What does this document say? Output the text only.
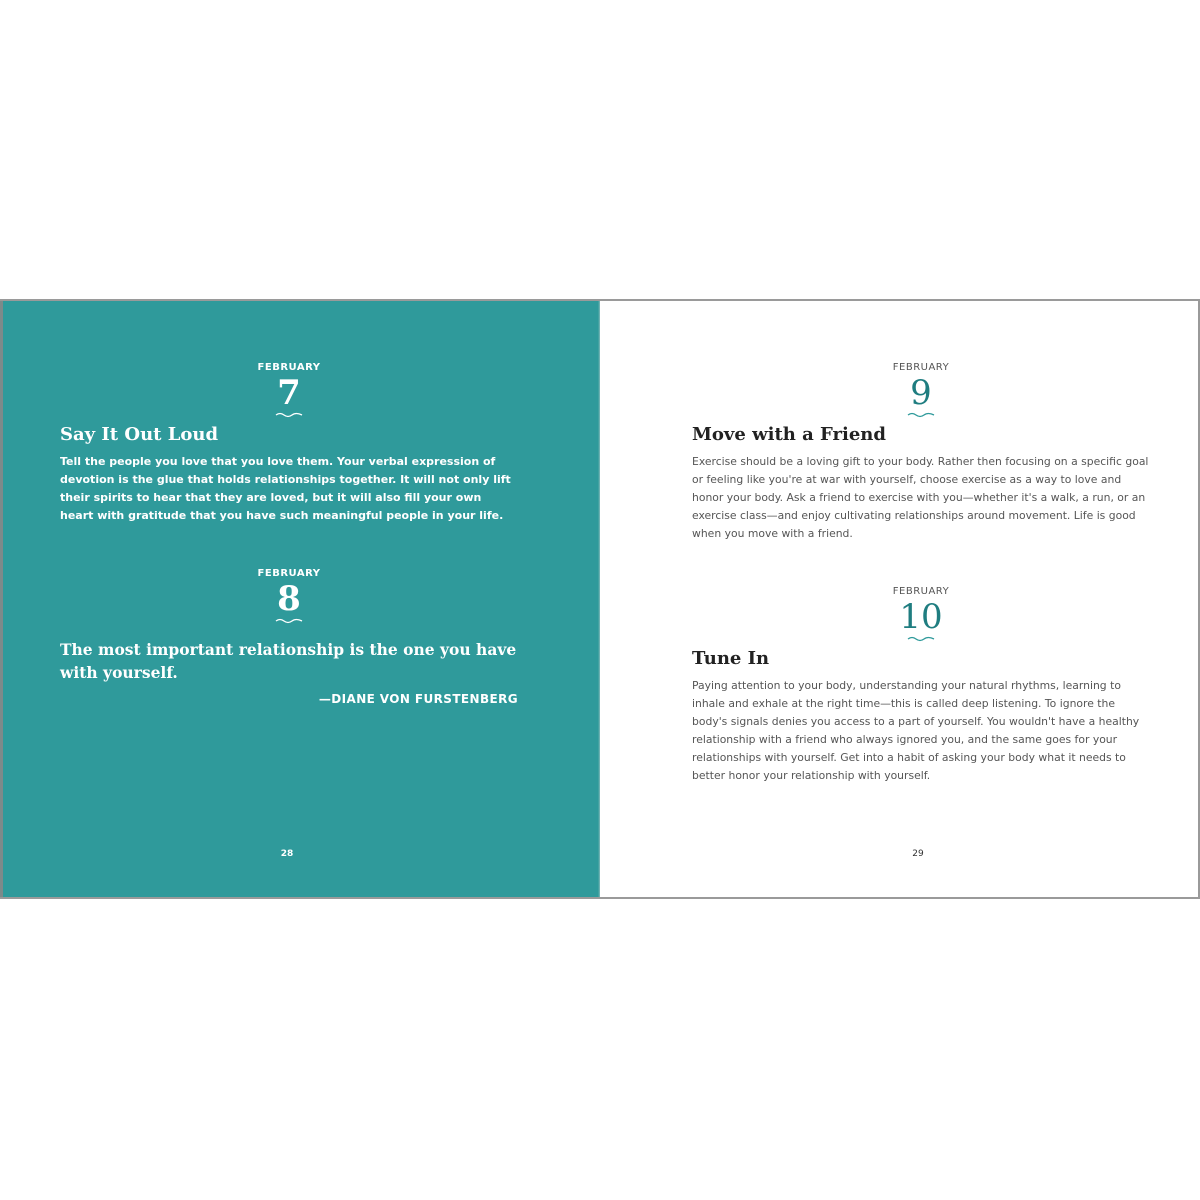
FEBRUARY
7
Say It Out Loud

Tell the people you love that you love them. Your verbal expression of devotion is the glue that holds relationships together. It will not only lift their spirits to hear that they are loved, but it will also fill your own heart with gratitude that you have such meaningful people in your life.

FEBRUARY
8
The most important relationship is the one you have with yourself.
—DIANE VON FURSTENBERG
28
FEBRUARY
9
Move with a Friend

Exercise should be a loving gift to your body. Rather then focusing on a specific goal or feeling like you're at war with yourself, choose exercise as a way to love and honor your body. Ask a friend to exercise with you—whether it's a walk, a run, or an exercise class—and enjoy cultivating relationships around movement. Life is good when you move with a friend.

FEBRUARY
10
Tune In

Paying attention to your body, understanding your natural rhythms, learning to inhale and exhale at the right time—this is called deep listening. To ignore the body's signals denies you access to a part of yourself. You wouldn't have a healthy relationship with a friend who always ignored you, and the same goes for your relationships with yourself. Get into a habit of asking your body what it needs to better honor your relationship with yourself.

29
